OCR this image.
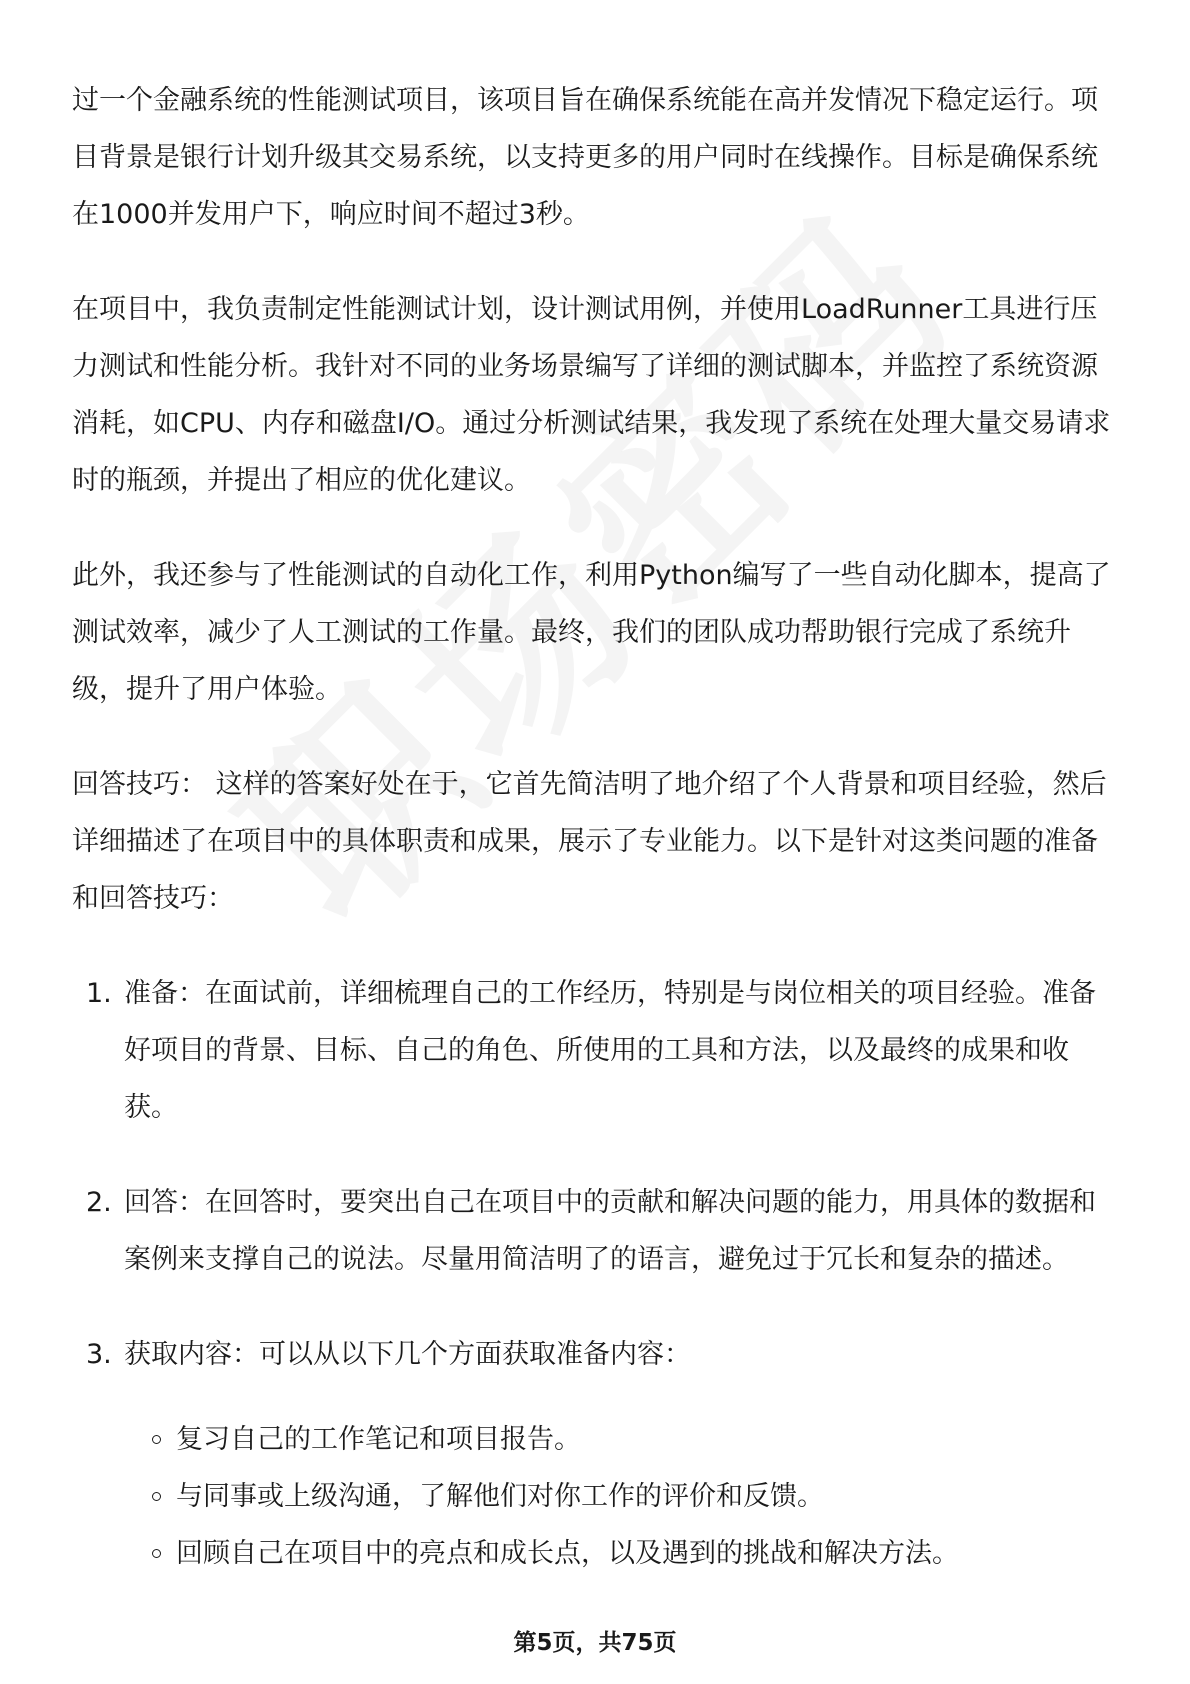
过一个金融系统的性能测试项目，该项目旨在确保系统能在高并发情况下稳定运行。项目背景是银行计划升级其交易系统，以支持更多的用户同时在线操作。目标是确保系统在1000并发用户下，响应时间不超过3秒。

在项目中，我负责制定性能测试计划，设计测试用例，并使用LoadRunner工具进行压力测试和性能分析。我针对不同的业务场景编写了详细的测试脚本，并监控了系统资源消耗，如CPU、内存和磁盘I/O。通过分析测试结果，我发现了系统在处理大量交易请求时的瓶颈，并提出了相应的优化建议。

此外，我还参与了性能测试的自动化工作，利用Python编写了一些自动化脚本，提高了测试效率，减少了人工测试的工作量。最终，我们的团队成功帮助银行完成了系统升级，提升了用户体验。

回答技巧： 这样的答案好处在于，它首先简洁明了地介绍了个人背景和项目经验，然后详细描述了在项目中的具体职责和成果，展示了专业能力。以下是针对这类问题的准备和回答技巧：

1. 准备：在面试前，详细梳理自己的工作经历，特别是与岗位相关的项目经验。准备好项目的背景、目标、自己的角色、所使用的工具和方法，以及最终的成果和收获。
2. 回答：在回答时，要突出自己在项目中的贡献和解决问题的能力，用具体的数据和案例来支撑自己的说法。尽量用简洁明了的语言，避免过于冗长和复杂的描述。
3. 获取内容：可以从以下几个方面获取准备内容：
复习自己的工作笔记和项目报告。
与同事或上级沟通，了解他们对你工作的评价和反馈。
回顾自己在项目中的亮点和成长点，以及遇到的挑战和解决方法。
第5页，共75页
